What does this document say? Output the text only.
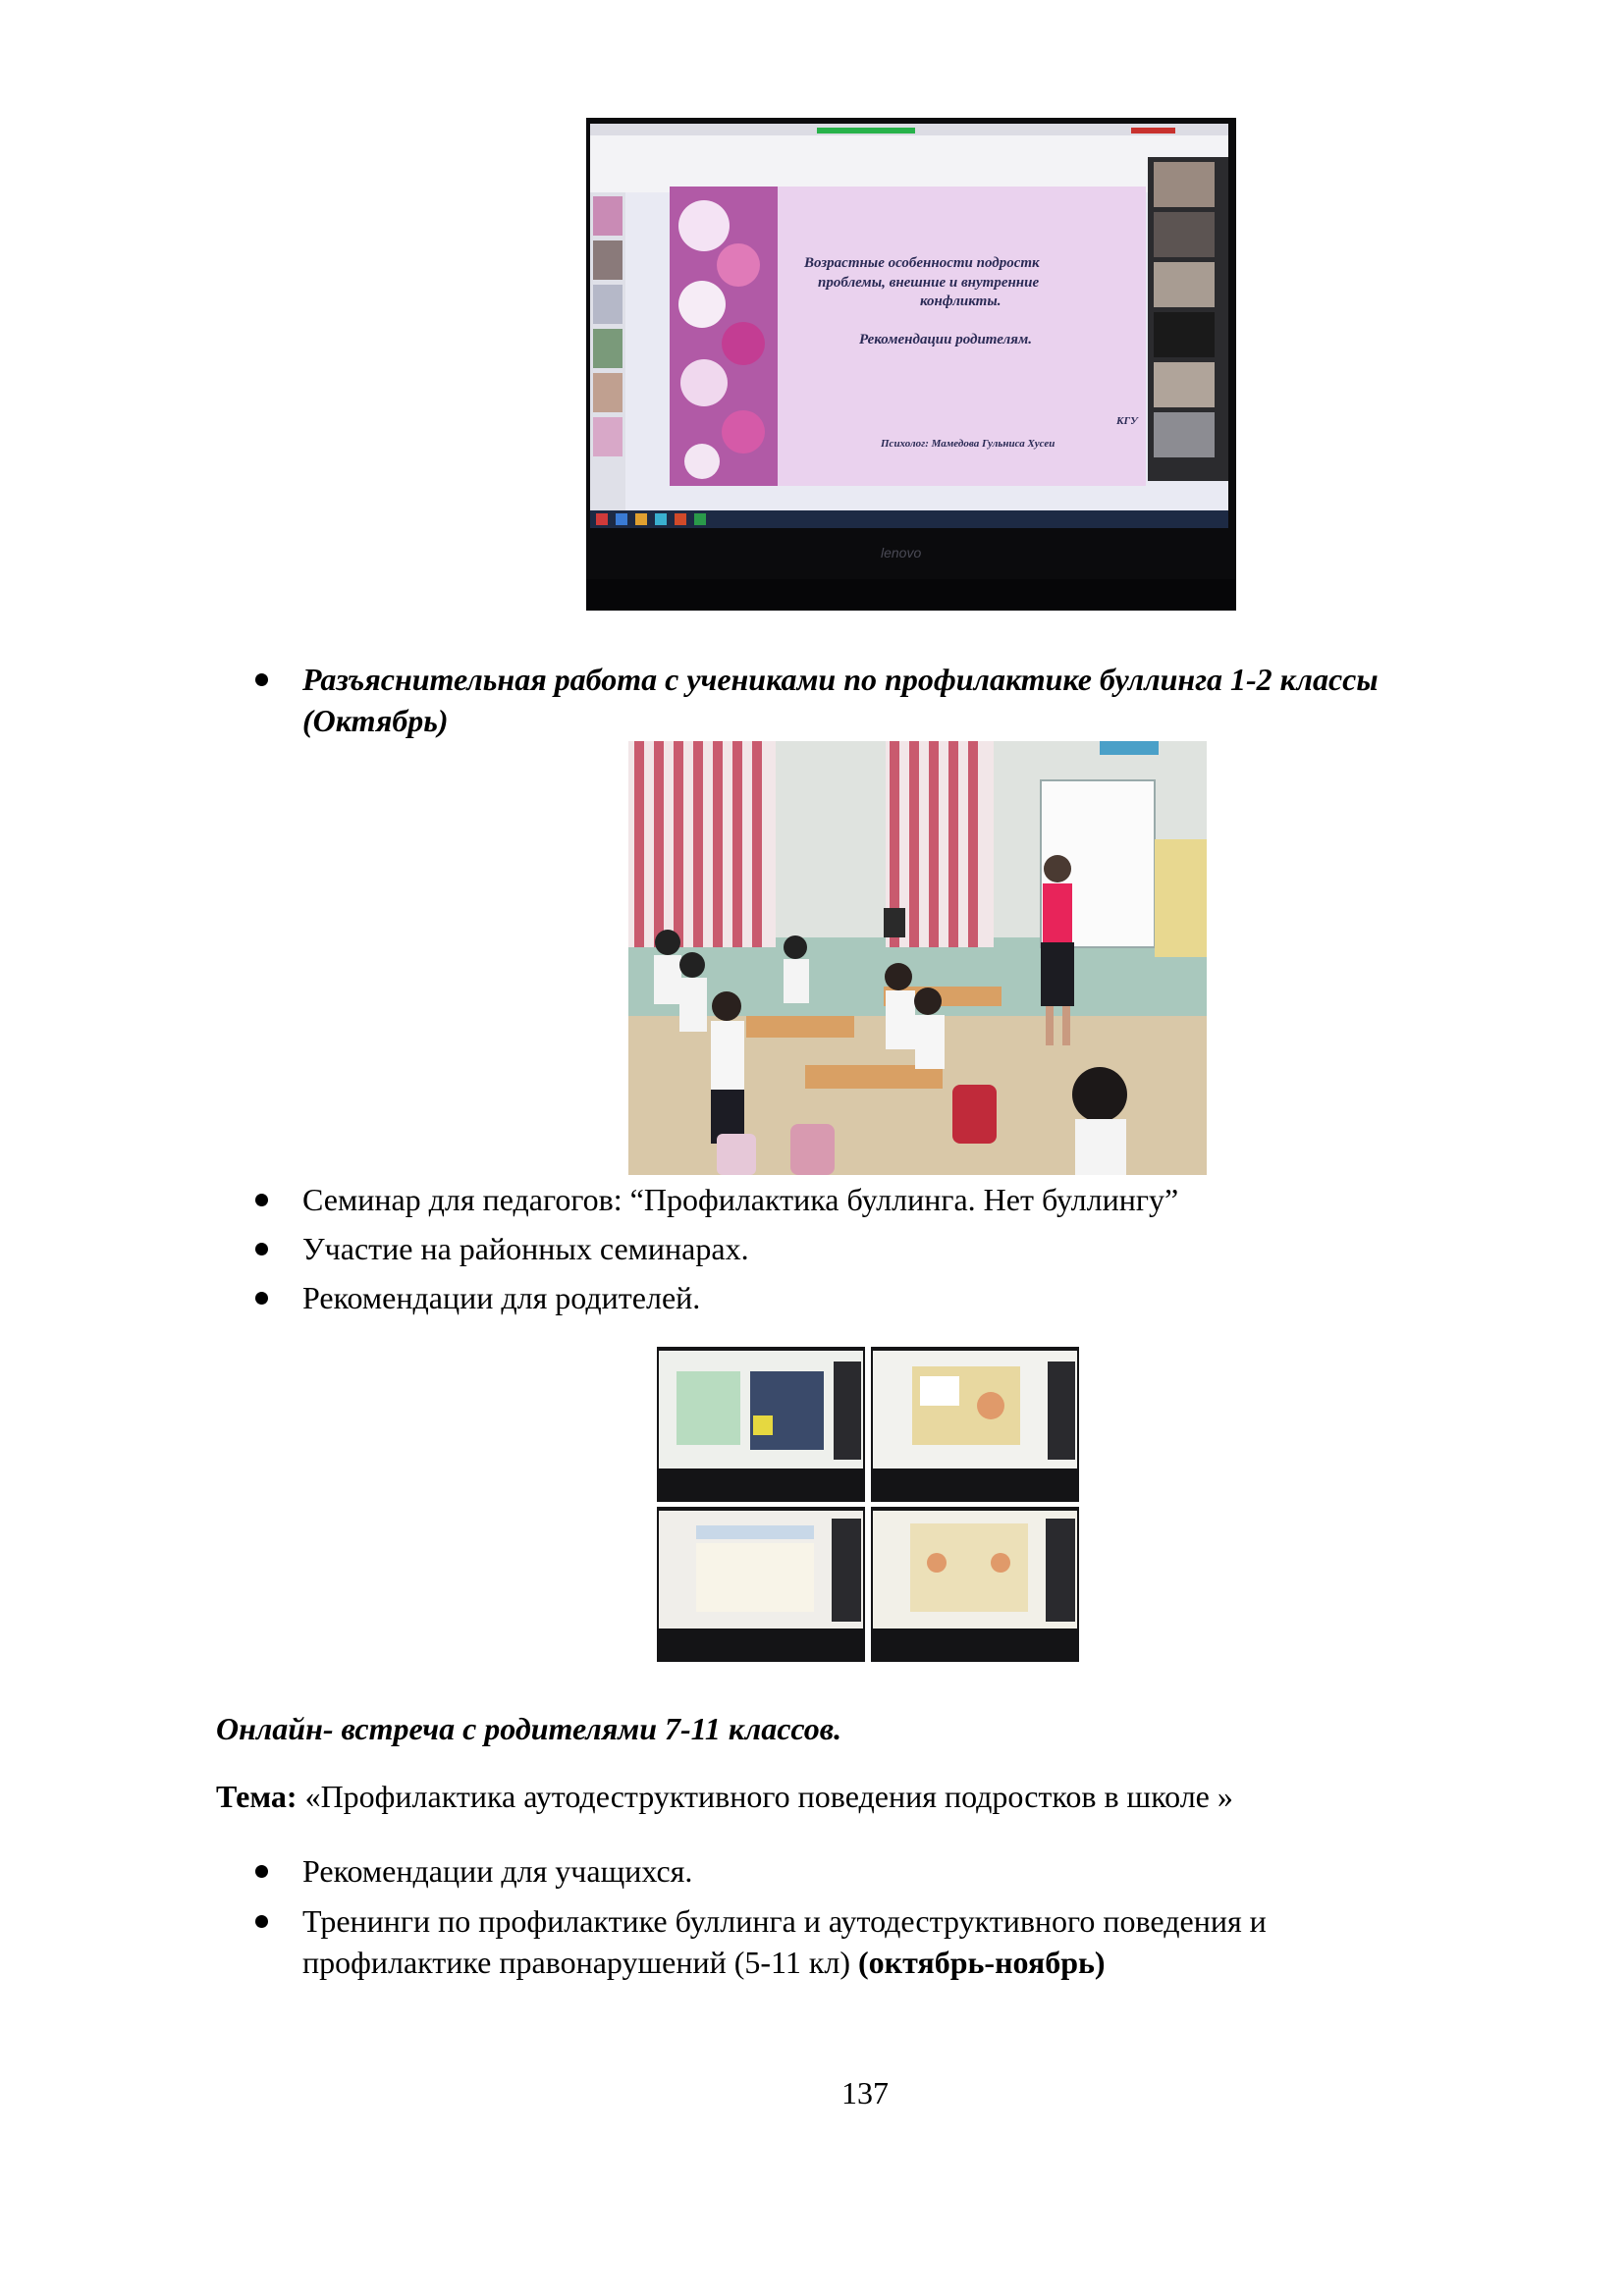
Возрастные особенности подростк
проблемы, внешние и внутренние
конфликты.
Рекомендации родителям.
КГУ
Психолог: Мамедова Гульниса Хусеи
lenovo
Разъяснительная работа с учениками по профилактике буллинга 1-2 классы
(Октябрь)
Семинар для педагогов: “Профилактика буллинга. Нет буллингу”
Участие на районных семинарах.
Рекомендации для родителей.
Онлайн- встреча с родителями 7-11 классов.
Тема: «Профилактика аутодеструктивного поведения подростков в школе »
Рекомендации для учащихся.
Тренинги по профилактике буллинга и аутодеструктивного поведения и
профилактике правонарушений (5-11 кл) (октябрь-ноябрь)
137
